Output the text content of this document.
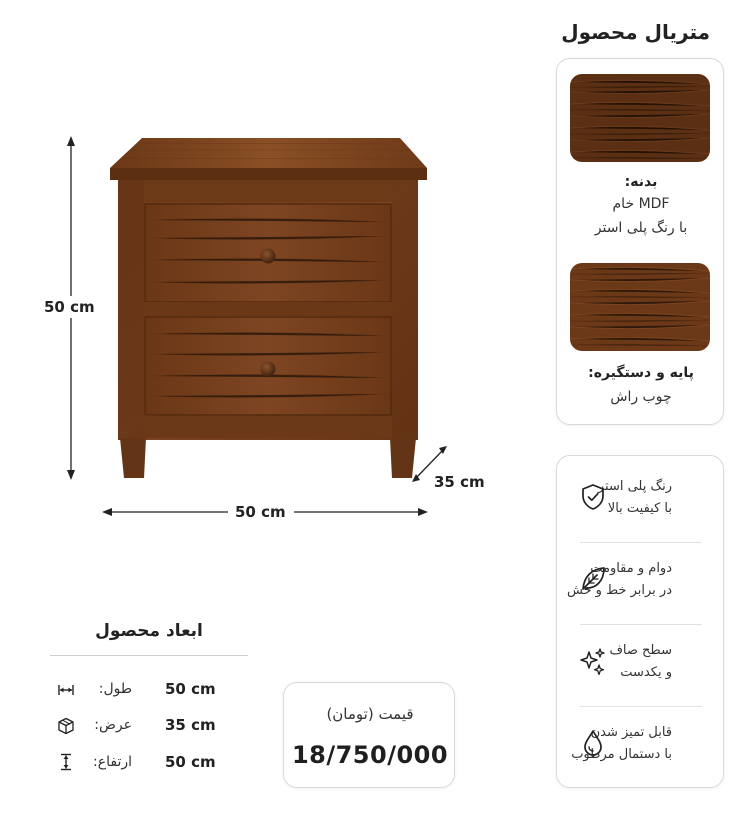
50 cm
50 cm
35 cm
متریال محصول
بدنه:
MDF خام
با رنگ پلی استر
پایه و دستگیره:
چوب راش
رنگ پلی استر
با کیفیت بالا
دوام و مقاومت
در برابر خط و خش
سطح صاف
و یکدست
قابل تمیز شدن
با دستمال مرطوب
ابعاد محصول
طول: 50 cm
عرض: 35 cm
ارتفاع: 50 cm
قیمت (تومان)
18/750/000
